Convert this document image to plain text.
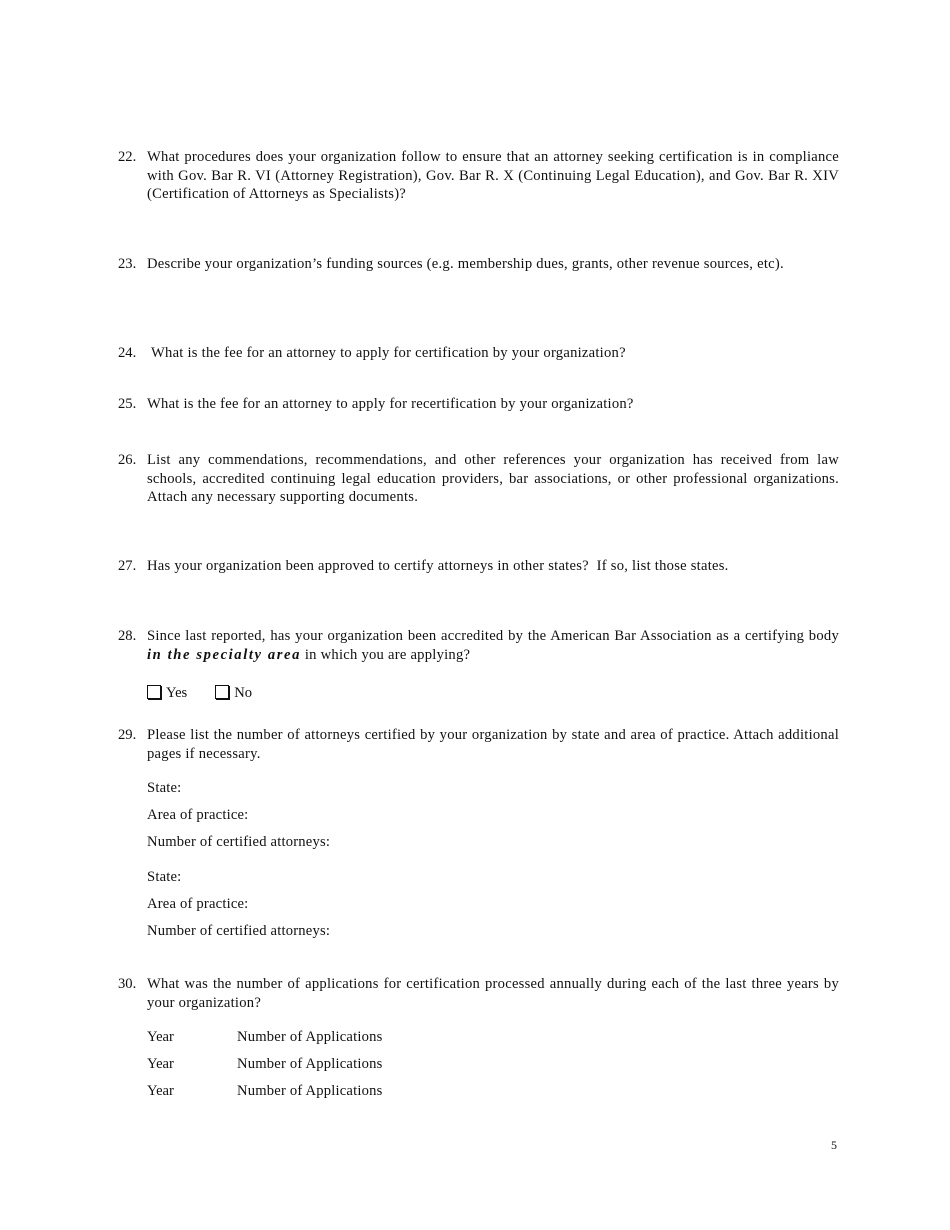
22. What procedures does your organization follow to ensure that an attorney seeking certification is in compliance with Gov. Bar R. VI (Attorney Registration), Gov. Bar R. X (Continuing Legal Education), and Gov. Bar R. XIV (Certification of Attorneys as Specialists)?
23. Describe your organization’s funding sources (e.g. membership dues, grants, other revenue sources, etc).
24.	What is the fee for an attorney to apply for certification by your organization?
25. What is the fee for an attorney to apply for recertification by your organization?
26. List any commendations, recommendations, and other references your organization has received from law schools, accredited continuing legal education providers, bar associations, or other professional organizations. Attach any necessary supporting documents.
27. Has your organization been approved to certify attorneys in other states?  If so, list those states.
28. Since last reported, has your organization been accredited by the American Bar Association as a certifying body in the specialty area in which you are applying?
Yes	No
29. Please list the number of attorneys certified by your organization by state and area of practice. Attach additional pages if necessary.
State:
Area of practice:
Number of certified attorneys:
State:
Area of practice:
Number of certified attorneys:
30. What was the number of applications for certification processed annually during each of the last three years by your organization?
Year	Number of Applications
Year	Number of Applications
Year	Number of Applications
5
